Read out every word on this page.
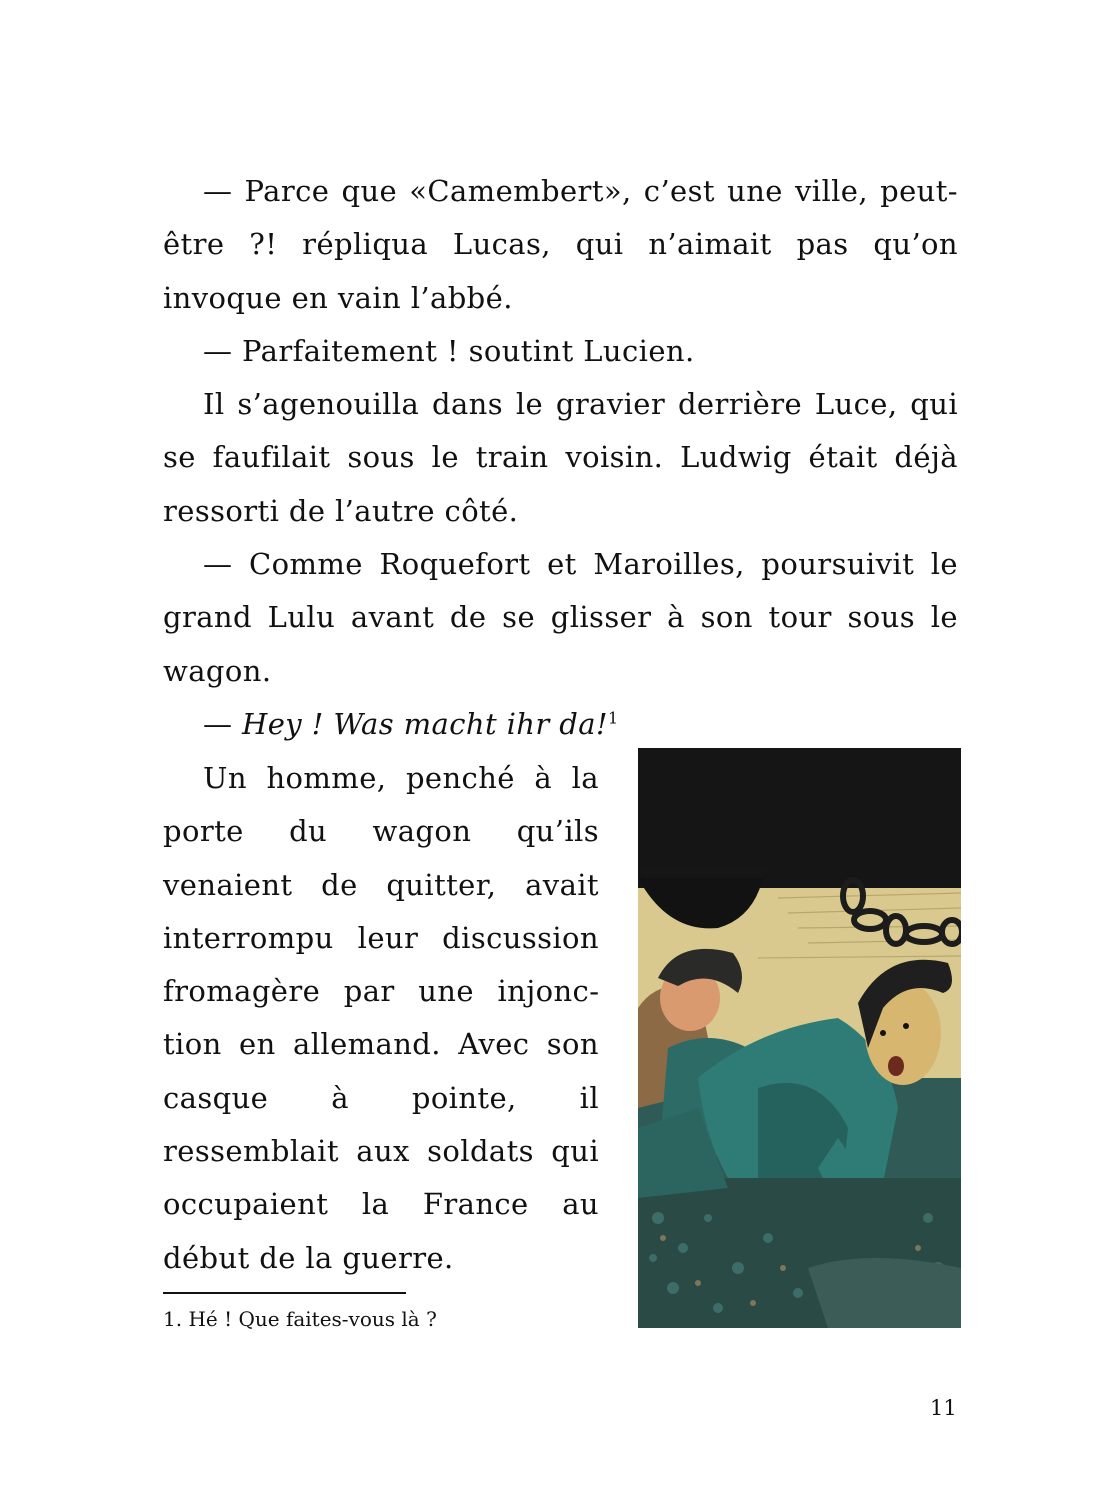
— Parce que «Camembert», c’est une ville, peut-être ?! répliqua Lucas, qui n’aimait pas qu’on invoque en vain l’abbé.

— Parfaitement ! soutint Lucien.

Il s’agenouilla dans le gravier derrière Luce, qui se faufilait sous le train voisin. Ludwig était déjà ressorti de l’autre côté.

— Comme Roquefort et Maroilles, poursuivit le grand Lulu avant de se glisser à son tour sous le wagon.

— Hey ! Was macht ihr da!$^1$

Un homme, penché à la porte du wagon qu’ils venaient de quitter, avait interrompu leur discussion fromagère par une injonction en allemand. Avec son casque à pointe, il ressemblait aux soldats qui occupaient la France au début de la guerre.

1. Hé ! Que faites-vous là ?
11
